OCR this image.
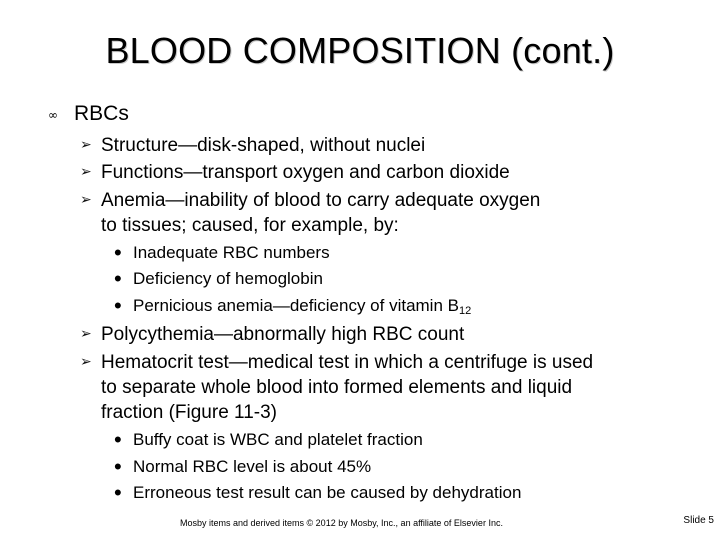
BLOOD COMPOSITION (cont.)
∞ RBCs
➢ Structure—disk-shaped, without nuclei
➢ Functions—transport oxygen and carbon dioxide
➢ Anemia—inability of blood to carry adequate oxygen
to tissues; caused, for example, by:
• Inadequate RBC numbers
• Deficiency of hemoglobin
• Pernicious anemia—deficiency of vitamin $B_{12}$
➢ Polycythemia—abnormally high RBC count
➢ Hematocrit test—medical test in which a centrifuge is used
to separate whole blood into formed elements and liquid
fraction (Figure 11-3)
• Buffy coat is WBC and platelet fraction
• Normal RBC level is about 45%
• Erroneous test result can be caused by dehydration
Mosby items and derived items © 2012 by Mosby, Inc., an affiliate of Elsevier Inc.	Slide 5
